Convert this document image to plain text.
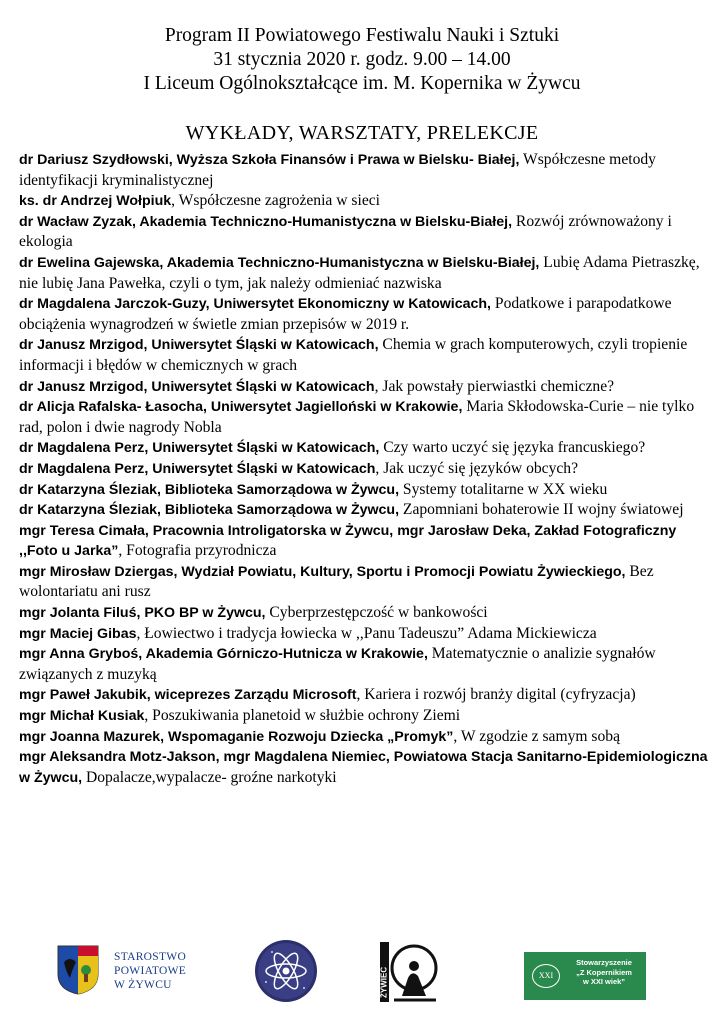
Program II Powiatowego Festiwalu Nauki i Sztuki
31 stycznia 2020 r. godz. 9.00 – 14.00
I Liceum Ogólnokształcące im. M. Kopernika w Żywcu
WYKŁADY, WARSZTATY, PRELEKCJE

dr Dariusz Szydłowski, Wyższa Szkoła Finansów i Prawa w Bielsku- Białej, Współczesne metody identyfikacji kryminalistycznej

ks. dr Andrzej Wołpiuk, Współczesne zagrożenia w sieci

dr Wacław Zyzak, Akademia Techniczno-Humanistyczna w Bielsku-Białej, Rozwój zrównoważony i ekologia

dr Ewelina Gajewska, Akademia Techniczno-Humanistyczna w Bielsku-Białej, Lubię Adama Pietraszkę, nie lubię Jana Pawełka, czyli o tym, jak należy odmieniać nazwiska

dr Magdalena Jarczok-Guzy, Uniwersytet Ekonomiczny w Katowicach, Podatkowe i parapodatkowe obciążenia wynagrodzeń w świetle zmian przepisów w 2019 r.

dr Janusz Mrzigod, Uniwersytet Śląski w Katowicach, Chemia w grach komputerowych, czyli tropienie informacji i błędów w chemicznych w grach

dr Janusz Mrzigod, Uniwersytet Śląski w Katowicach, Jak powstały pierwiastki chemiczne?

dr Alicja Rafalska- Łasocha, Uniwersytet Jagielloński w Krakowie, Maria Skłodowska-Curie – nie tylko rad, polon i dwie nagrody Nobla

dr Magdalena Perz, Uniwersytet Śląski w Katowicach, Czy warto uczyć się języka francuskiego?

dr Magdalena Perz, Uniwersytet Śląski w Katowicach, Jak uczyć się języków obcych?

dr Katarzyna Śleziak, Biblioteka Samorządowa w Żywcu, Systemy totalitarne w XX wieku

dr Katarzyna Śleziak, Biblioteka Samorządowa w Żywcu, Zapomniani bohaterowie II wojny światowej

mgr Teresa Cimała, Pracownia Introligatorska w Żywcu, mgr Jarosław Deka, Zakład Fotograficzny ,,Foto u Jarka”, Fotografia przyrodnicza

mgr Mirosław Dziergas, Wydział Powiatu, Kultury, Sportu i Promocji Powiatu Żywieckiego, Bez wolontariatu ani rusz

mgr Jolanta Filuś, PKO BP w Żywcu, Cyberprzestępczość w bankowości

mgr Maciej Gibas, Łowiectwo i tradycja łowiecka w ,,Panu Tadeuszu” Adama Mickiewicza

mgr Anna Gryboś, Akademia Górniczo-Hutnicza w Krakowie, Matematycznie o analizie sygnałów związanych z muzyką

mgr Paweł Jakubik, wiceprezes Zarządu Microsoft, Kariera i rozwój branży digital (cyfryzacja)

mgr Michał Kusiak, Poszukiwania planetoid w służbie ochrony Ziemi

mgr Joanna Mazurek, Wspomaganie Rozwoju Dziecka „Promyk”, W zgodzie z samym sobą

mgr Aleksandra Motz-Jakson, mgr Magdalena Niemiec, Powiatowa Stacja Sanitarno-Epidemiologiczna w Żywcu, Dopalacze,wypalacze- groźne narkotyki

STAROSTWO
POWIATOWE
W ŻYWCU	ŻYWIEC	XXI
Stowarzyszenie
„Z Kopernikiem
w XXI wiek”
